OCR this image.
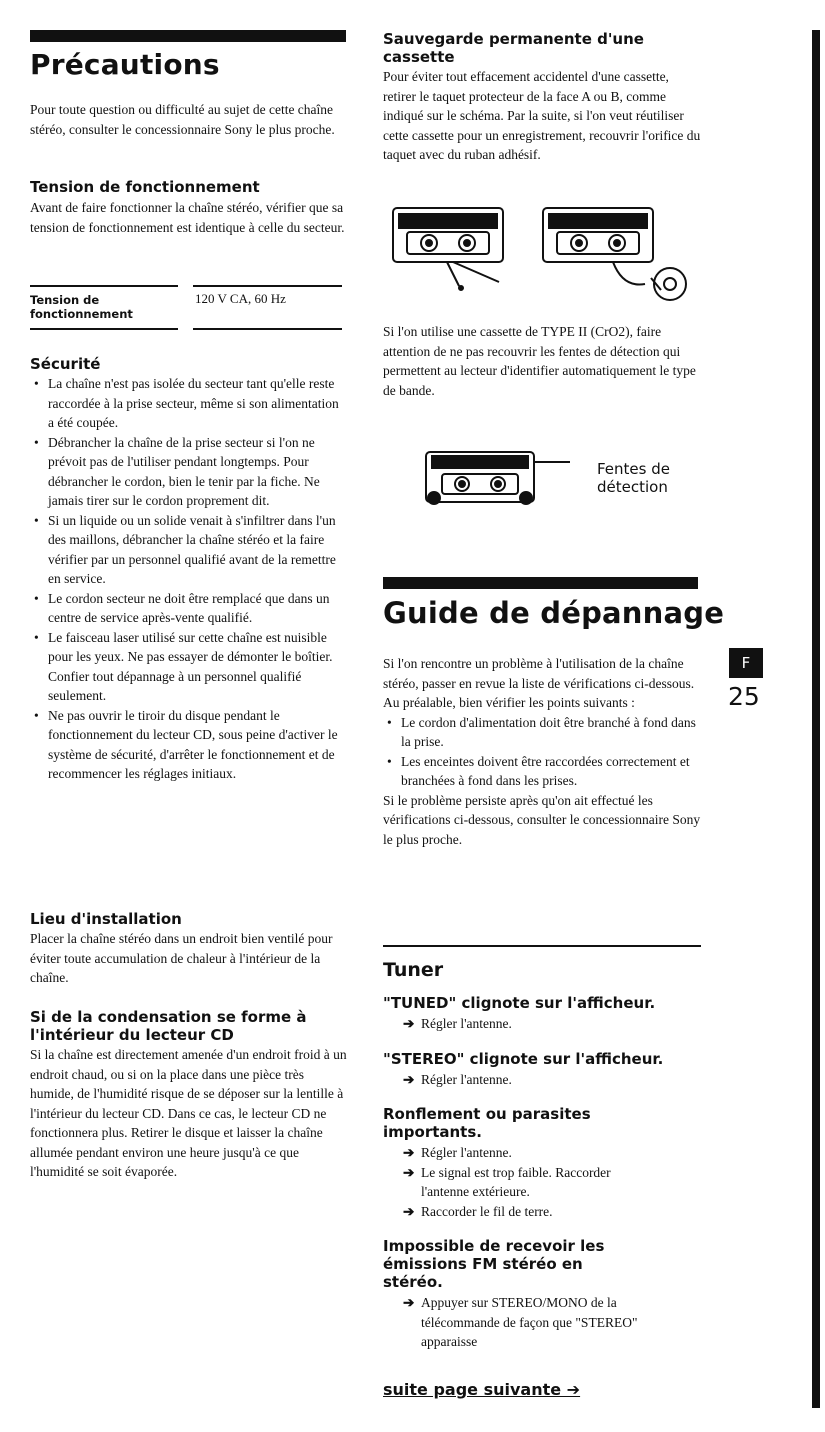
F
25
Précautions

Pour toute question ou difficulté au sujet de cette chaîne stéréo, consulter le concessionnaire Sony le plus proche.

Tension de fonctionnement

Avant de faire fonctionner la chaîne stéréo, vérifier que sa tension de fonctionnement est identique à celle du secteur.

Tension de
fonctionnement
120 V CA, 60 Hz

Sécurité

• La chaîne n'est pas isolée du secteur tant qu'elle reste raccordée à la prise secteur, même si son alimentation a été coupée.
• Débrancher la chaîne de la prise secteur si l'on ne prévoit pas de l'utiliser pendant longtemps. Pour débrancher le cordon, bien le tenir par la fiche. Ne jamais tirer sur le cordon proprement dit.
• Si un liquide ou un solide venait à s'infiltrer dans l'un des maillons, débrancher la chaîne stéréo et la faire vérifier par un personnel qualifié avant de la remettre en service.
• Le cordon secteur ne doit être remplacé que dans un centre de service après-vente qualifié.
• Le faisceau laser utilisé sur cette chaîne est nuisible pour les yeux. Ne pas essayer de démonter le boîtier. Confier tout dépannage à un personnel qualifié seulement.
• Ne pas ouvrir le tiroir du disque pendant le fonctionnement du lecteur CD, sous peine d'activer le système de sécurité, d'arrêter le fonctionnement et de recommencer les réglages initiaux.

Lieu d'installation

Placer la chaîne stéréo dans un endroit bien ventilé pour éviter toute accumulation de chaleur à l'intérieur de la chaîne.

Si de la condensation se forme à l'intérieur du lecteur CD

Si la chaîne est directement amenée d'un endroit froid à un endroit chaud, ou si on la place dans une pièce très humide, de l'humidité risque de se déposer sur la lentille à l'intérieur du lecteur CD. Dans ce cas, le lecteur CD ne fonctionnera plus. Retirer le disque et laisser la chaîne allumée pendant environ une heure jusqu'à ce que l'humidité se soit évaporée.

Sauvegarde permanente d'une cassette

Pour éviter tout effacement accidentel d'une cassette, retirer le taquet protecteur de la face A ou B, comme indiqué sur le schéma. Par la suite, si l'on veut réutiliser cette cassette pour un enregistrement, recouvrir l'orifice du taquet avec du ruban adhésif.

Si l'on utilise une cassette de TYPE II (CrO2), faire attention de ne pas recouvrir les fentes de détection qui permettent au lecteur d'identifier automatiquement le type de bande.

Fentes de
détection
Guide de dépannage

Si l'on rencontre un problème à l'utilisation de la chaîne stéréo, passer en revue la liste de vérifications ci-dessous. Au préalable, bien vérifier les points suivants :

• Le cordon d'alimentation doit être branché à fond dans la prise.
• Les enceintes doivent être raccordées correctement et branchées à fond dans les prises.

Si le problème persiste après qu'on ait effectué les vérifications ci-dessous, consulter le concessionnaire Sony le plus proche.

Tuner

"TUNED" clignote sur l'afficheur.

➔ Régler l'antenne.

"STEREO" clignote sur l'afficheur.

➔ Régler l'antenne.

Ronflement ou parasites importants.

➔ Régler l'antenne.
➔ Le signal est trop faible. Raccorder l'antenne extérieure.
➔ Raccorder le fil de terre.

Impossible de recevoir les émissions FM stéréo en stéréo.

➔ Appuyer sur STEREO/MONO de la télécommande de façon que "STEREO" apparaisse
suite page suivante ➔
